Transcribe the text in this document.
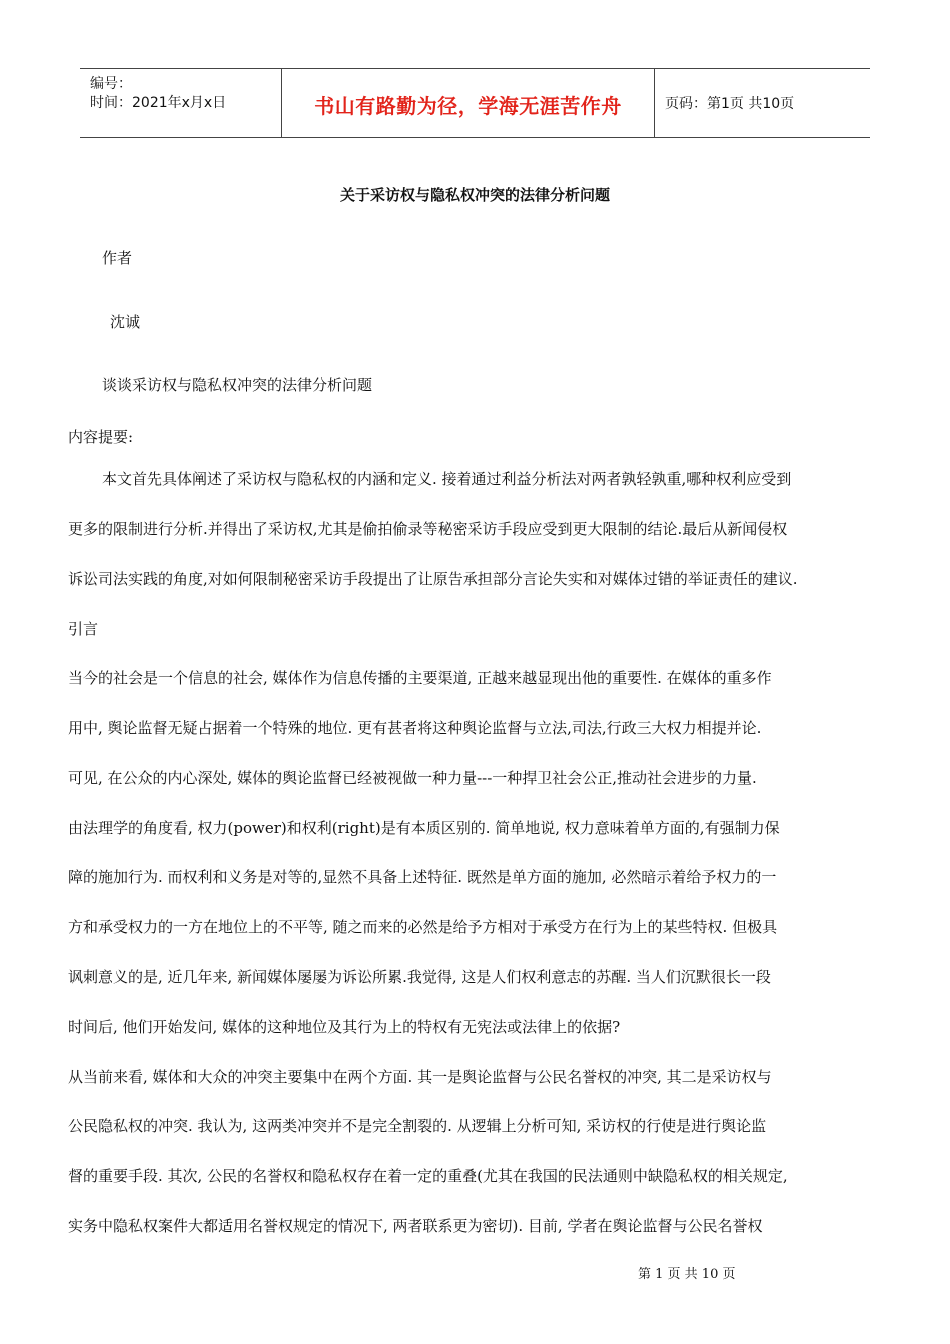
编号：
时间：2021年x月x日	书山有路勤为径，学海无涯苦作舟	页码：第1页 共10页
关于采访权与隐私权冲突的法律分析问题
作者
沈诚
谈谈采访权与隐私权冲突的法律分析问题
内容提要:
本文首先具体阐述了采访权与隐私权的内涵和定义. 接着通过利益分析法对两者孰轻孰重,哪种权利应受到
更多的限制进行分析.并得出了采访权,尤其是偷拍偷录等秘密采访手段应受到更大限制的结论.最后从新闻侵权
诉讼司法实践的角度,对如何限制秘密采访手段提出了让原告承担部分言论失实和对媒体过错的举证责任的建议.
引言
当今的社会是一个信息的社会, 媒体作为信息传播的主要渠道, 正越来越显现出他的重要性. 在媒体的重多作
用中, 舆论监督无疑占据着一个特殊的地位. 更有甚者将这种舆论监督与立法,司法,行政三大权力相提并论.
可见, 在公众的内心深处, 媒体的舆论监督已经被视做一种力量---一种捍卫社会公正,推动社会进步的力量.
由法理学的角度看, 权力(power)和权利(right)是有本质区别的. 简单地说, 权力意味着单方面的,有强制力保
障的施加行为. 而权利和义务是对等的,显然不具备上述特征. 既然是单方面的施加, 必然暗示着给予权力的一
方和承受权力的一方在地位上的不平等, 随之而来的必然是给予方相对于承受方在行为上的某些特权. 但极具
讽刺意义的是, 近几年来, 新闻媒体屡屡为诉讼所累.我觉得, 这是人们权利意志的苏醒. 当人们沉默很长一段
时间后, 他们开始发问, 媒体的这种地位及其行为上的特权有无宪法或法律上的依据?
从当前来看, 媒体和大众的冲突主要集中在两个方面. 其一是舆论监督与公民名誉权的冲突, 其二是采访权与
公民隐私权的冲突. 我认为, 这两类冲突并不是完全割裂的. 从逻辑上分析可知, 采访权的行使是进行舆论监
督的重要手段. 其次, 公民的名誉权和隐私权存在着一定的重叠(尤其在我国的民法通则中缺隐私权的相关规定,
实务中隐私权案件大都适用名誉权规定的情况下, 两者联系更为密切). 目前, 学者在舆论监督与公民名誉权
第 1 页 共 10 页
